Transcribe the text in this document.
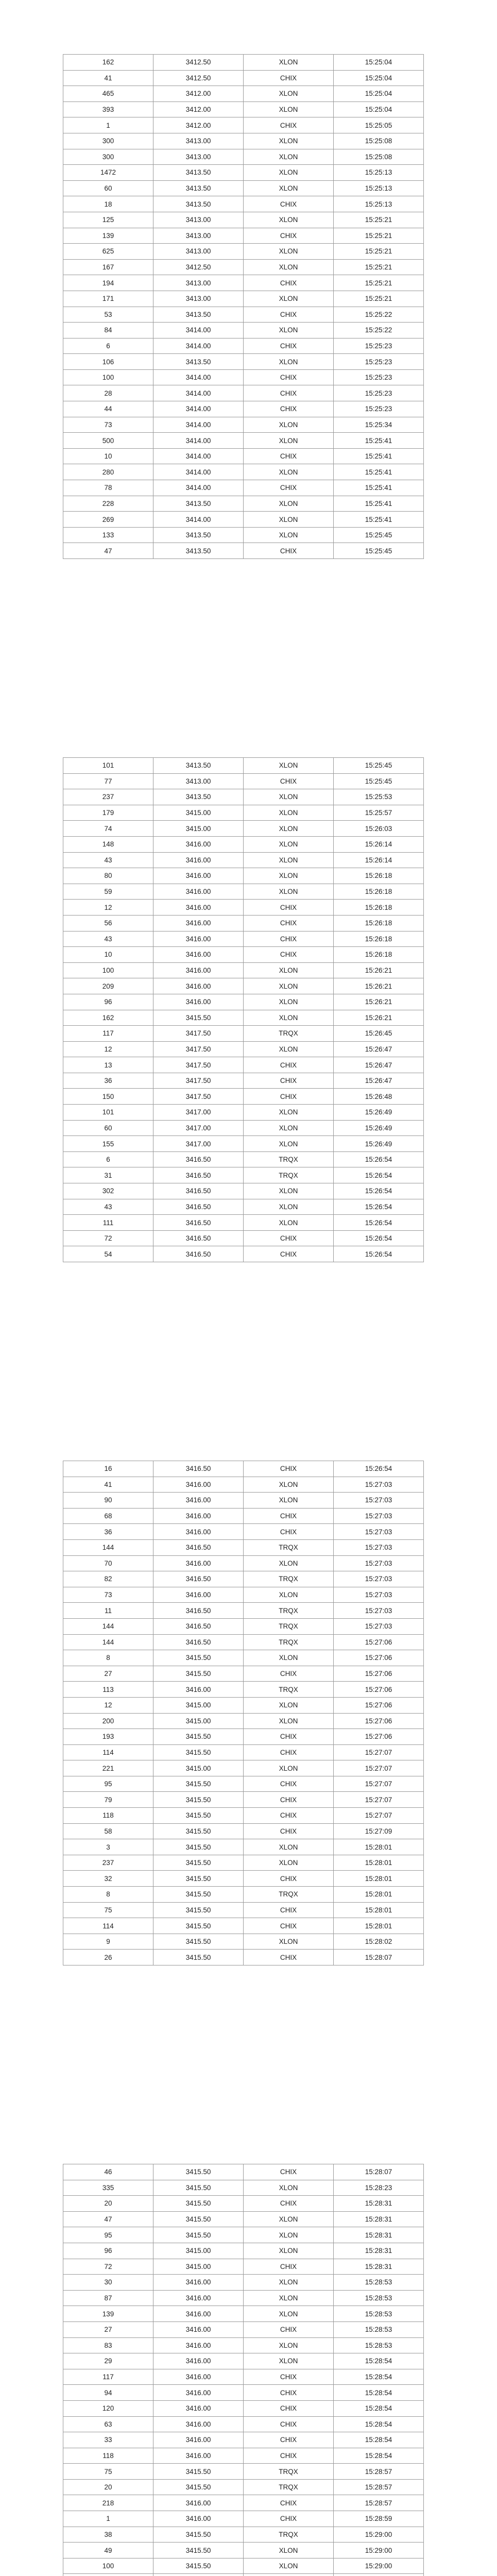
162	3412.50	XLON	15:25:04
41	3412.50	CHIX	15:25:04
465	3412.00	XLON	15:25:04
393	3412.00	XLON	15:25:04
1	3412.00	CHIX	15:25:05
300	3413.00	XLON	15:25:08
300	3413.00	XLON	15:25:08
1472	3413.50	XLON	15:25:13
60	3413.50	XLON	15:25:13
18	3413.50	CHIX	15:25:13
125	3413.00	XLON	15:25:21
139	3413.00	CHIX	15:25:21
625	3413.00	XLON	15:25:21
167	3412.50	XLON	15:25:21
194	3413.00	CHIX	15:25:21
171	3413.00	XLON	15:25:21
53	3413.50	CHIX	15:25:22
84	3414.00	XLON	15:25:22
6	3414.00	CHIX	15:25:23
106	3413.50	XLON	15:25:23
100	3414.00	CHIX	15:25:23
28	3414.00	CHIX	15:25:23
44	3414.00	CHIX	15:25:23
73	3414.00	XLON	15:25:34
500	3414.00	XLON	15:25:41
10	3414.00	CHIX	15:25:41
280	3414.00	XLON	15:25:41
78	3414.00	CHIX	15:25:41
228	3413.50	XLON	15:25:41
269	3414.00	XLON	15:25:41
133	3413.50	XLON	15:25:45
47	3413.50	CHIX	15:25:45
101	3413.50	XLON	15:25:45
77	3413.00	CHIX	15:25:45
237	3413.50	XLON	15:25:53
179	3415.00	XLON	15:25:57
74	3415.00	XLON	15:26:03
148	3416.00	XLON	15:26:14
43	3416.00	XLON	15:26:14
80	3416.00	XLON	15:26:18
59	3416.00	XLON	15:26:18
12	3416.00	CHIX	15:26:18
56	3416.00	CHIX	15:26:18
43	3416.00	CHIX	15:26:18
10	3416.00	CHIX	15:26:18
100	3416.00	XLON	15:26:21
209	3416.00	XLON	15:26:21
96	3416.00	XLON	15:26:21
162	3415.50	XLON	15:26:21
117	3417.50	TRQX	15:26:45
12	3417.50	XLON	15:26:47
13	3417.50	CHIX	15:26:47
36	3417.50	CHIX	15:26:47
150	3417.50	CHIX	15:26:48
101	3417.00	XLON	15:26:49
60	3417.00	XLON	15:26:49
155	3417.00	XLON	15:26:49
6	3416.50	TRQX	15:26:54
31	3416.50	TRQX	15:26:54
302	3416.50	XLON	15:26:54
43	3416.50	XLON	15:26:54
111	3416.50	XLON	15:26:54
72	3416.50	CHIX	15:26:54
54	3416.50	CHIX	15:26:54
16	3416.50	CHIX	15:26:54
41	3416.00	XLON	15:27:03
90	3416.00	XLON	15:27:03
68	3416.00	CHIX	15:27:03
36	3416.00	CHIX	15:27:03
144	3416.50	TRQX	15:27:03
70	3416.00	XLON	15:27:03
82	3416.50	TRQX	15:27:03
73	3416.00	XLON	15:27:03
11	3416.50	TRQX	15:27:03
144	3416.50	TRQX	15:27:03
144	3416.50	TRQX	15:27:06
8	3415.50	XLON	15:27:06
27	3415.50	CHIX	15:27:06
113	3416.00	TRQX	15:27:06
12	3415.00	XLON	15:27:06
200	3415.00	XLON	15:27:06
193	3415.50	CHIX	15:27:06
114	3415.50	CHIX	15:27:07
221	3415.00	XLON	15:27:07
95	3415.50	CHIX	15:27:07
79	3415.50	CHIX	15:27:07
118	3415.50	CHIX	15:27:07
58	3415.50	CHIX	15:27:09
3	3415.50	XLON	15:28:01
237	3415.50	XLON	15:28:01
32	3415.50	CHIX	15:28:01
8	3415.50	TRQX	15:28:01
75	3415.50	CHIX	15:28:01
114	3415.50	CHIX	15:28:01
9	3415.50	XLON	15:28:02
26	3415.50	CHIX	15:28:07
46	3415.50	CHIX	15:28:07
335	3415.50	XLON	15:28:23
20	3415.50	CHIX	15:28:31
47	3415.50	XLON	15:28:31
95	3415.50	XLON	15:28:31
96	3415.00	XLON	15:28:31
72	3415.00	CHIX	15:28:31
30	3416.00	XLON	15:28:53
87	3416.00	XLON	15:28:53
139	3416.00	XLON	15:28:53
27	3416.00	CHIX	15:28:53
83	3416.00	XLON	15:28:53
29	3416.00	XLON	15:28:54
117	3416.00	CHIX	15:28:54
94	3416.00	CHIX	15:28:54
120	3416.00	CHIX	15:28:54
63	3416.00	CHIX	15:28:54
33	3416.00	CHIX	15:28:54
118	3416.00	CHIX	15:28:54
75	3415.50	TRQX	15:28:57
20	3415.50	TRQX	15:28:57
218	3416.00	CHIX	15:28:57
1	3416.00	CHIX	15:28:59
38	3415.50	TRQX	15:29:00
49	3415.50	XLON	15:29:00
100	3415.50	XLON	15:29:00
